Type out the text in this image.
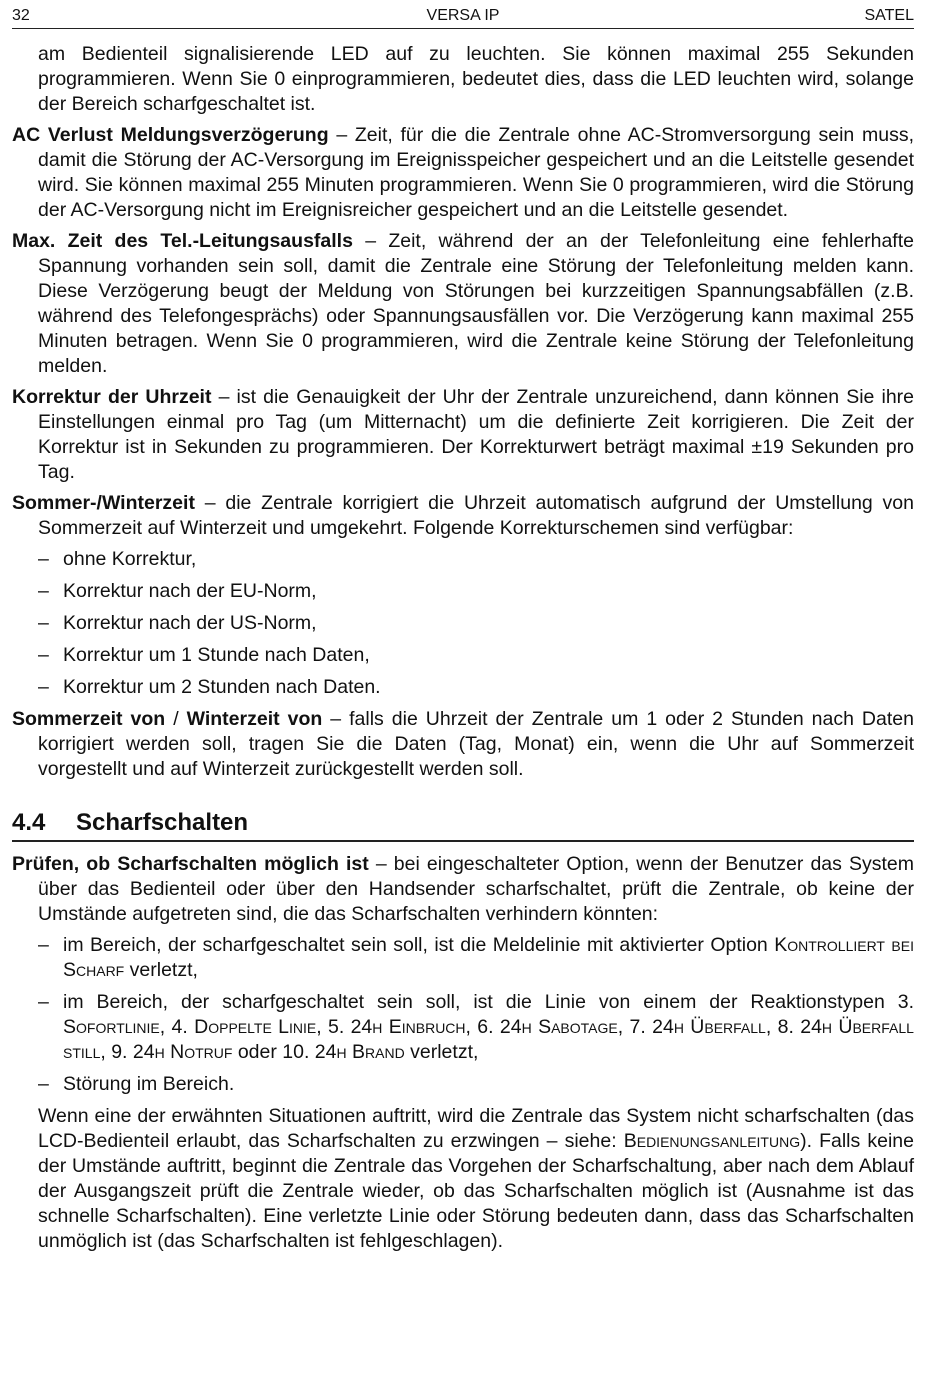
32	VERSA IP	SATEL

am Bedienteil signalisierende LED auf zu leuchten. Sie können maximal 255 Sekunden programmieren. Wenn Sie 0 einprogrammieren, bedeutet dies, dass die LED leuchten wird, solange der Bereich scharfgeschaltet ist.

AC Verlust Meldungsverzögerung – Zeit, für die die Zentrale ohne AC-Stromversorgung sein muss, damit die Störung der AC-Versorgung im Ereignisspeicher gespeichert und an die Leitstelle gesendet wird. Sie können maximal 255 Minuten programmieren. Wenn Sie 0 programmieren, wird die Störung der AC-Versorgung nicht im Ereignisreicher gespeichert und an die Leitstelle gesendet.

Max. Zeit des Tel.-Leitungsausfalls – Zeit, während der an der Telefonleitung eine fehlerhafte Spannung vorhanden sein soll, damit die Zentrale eine Störung der Telefonleitung melden kann. Diese Verzögerung beugt der Meldung von Störungen bei kurzzeitigen Spannungsabfällen (z.B. während des Telefongesprächs) oder Spannungsausfällen vor. Die Verzögerung kann maximal 255 Minuten betragen. Wenn Sie 0 programmieren, wird die Zentrale keine Störung der Telefonleitung melden.

Korrektur der Uhrzeit – ist die Genauigkeit der Uhr der Zentrale unzureichend, dann können Sie ihre Einstellungen einmal pro Tag (um Mitternacht) um die definierte Zeit korrigieren. Die Zeit der Korrektur ist in Sekunden zu programmieren. Der Korrekturwert beträgt maximal ±19 Sekunden pro Tag.

Sommer-/Winterzeit – die Zentrale korrigiert die Uhrzeit automatisch aufgrund der Umstellung von Sommerzeit auf Winterzeit und umgekehrt. Folgende Korrekturschemen sind verfügbar:

– ohne Korrektur,
– Korrektur nach der EU-Norm,
– Korrektur nach der US-Norm,
– Korrektur um 1 Stunde nach Daten,
– Korrektur um 2 Stunden nach Daten.

Sommerzeit von / Winterzeit von – falls die Uhrzeit der Zentrale um 1 oder 2 Stunden nach Daten korrigiert werden soll, tragen Sie die Daten (Tag, Monat) ein, wenn die Uhr auf Sommerzeit vorgestellt und auf Winterzeit zurückgestellt werden soll.

4.4 Scharfschalten

Prüfen, ob Scharfschalten möglich ist – bei eingeschalteter Option, wenn der Benutzer das System über das Bedienteil oder über den Handsender scharfschaltet, prüft die Zentrale, ob keine der Umstände aufgetreten sind, die das Scharfschalten verhindern könnten:

– im Bereich, der scharfgeschaltet sein soll, ist die Meldelinie mit aktivierter Option Kontrolliert bei Scharf verletzt,
– im Bereich, der scharfgeschaltet sein soll, ist die Linie von einem der Reaktionstypen 3. Sofortlinie, 4. Doppelte Linie, 5. 24h Einbruch, 6. 24h Sabotage, 7. 24h Überfall, 8. 24h Überfall still, 9. 24h Notruf oder 10. 24h Brand verletzt,
– Störung im Bereich.

Wenn eine der erwähnten Situationen auftritt, wird die Zentrale das System nicht scharfschalten (das LCD-Bedienteil erlaubt, das Scharfschalten zu erzwingen – siehe: Bedienungsanleitung). Falls keine der Umstände auftritt, beginnt die Zentrale das Vorgehen der Scharfschaltung, aber nach dem Ablauf der Ausgangszeit prüft die Zentrale wieder, ob das Scharfschalten möglich ist (Ausnahme ist das schnelle Scharfschalten). Eine verletzte Linie oder Störung bedeuten dann, dass das Scharfschalten unmöglich ist (das Scharfschalten ist fehlgeschlagen).
